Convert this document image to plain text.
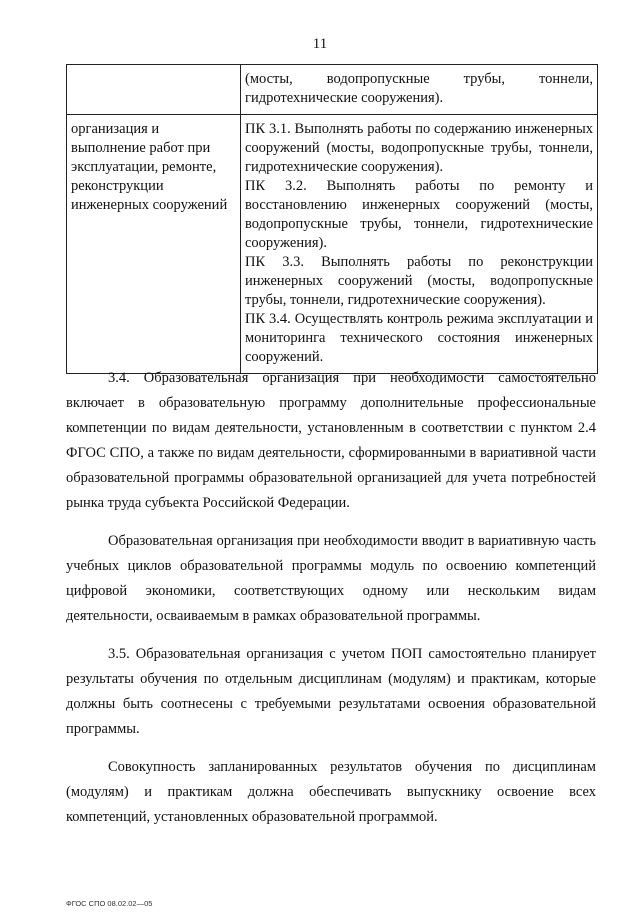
11
	(мосты, водопропускные трубы, тоннели, гидротехнические сооружения).
организация и выполнение работ при эксплуатации, ремонте, реконструкции инженерных сооружений	ПК 3.1. Выполнять работы по содержанию инженерных сооружений (мосты, водопропускные трубы, тоннели, гидротехнические сооружения).

ПК 3.2. Выполнять работы по ремонту и восстановлению инженерных сооружений (мосты, водопропускные трубы, тоннели, гидротехнические сооружения).

ПК 3.3. Выполнять работы по реконструкции инженерных сооружений (мосты, водопропускные трубы, тоннели, гидротехнические сооружения).

ПК 3.4. Осуществлять контроль режима эксплуатации и мониторинга технического состояния инженерных сооружений.

3.4. Образовательная организация при необходимости самостоятельно включает в образовательную программу дополнительные профессиональные компетенции по видам деятельности, установленным в соответствии с пунктом 2.4 ФГОС СПО, а также по видам деятельности, сформированными в вариативной части образовательной программы образовательной организацией для учета потребностей рынка труда субъекта Российской Федерации.

Образовательная организация при необходимости вводит в вариативную часть учебных циклов образовательной программы модуль по освоению компетенций цифровой экономики, соответствующих одному или нескольким видам деятельности, осваиваемым в рамках образовательной программы.

3.5. Образовательная организация с учетом ПОП самостоятельно планирует результаты обучения по отдельным дисциплинам (модулям) и практикам, которые должны быть соотнесены с требуемыми результатами освоения образовательной программы.

Совокупность запланированных результатов обучения по дисциплинам (модулям) и практикам должна обеспечивать выпускнику освоение всех компетенций, установленных образовательной программой.

ФГОС СПО 08.02.02—05
